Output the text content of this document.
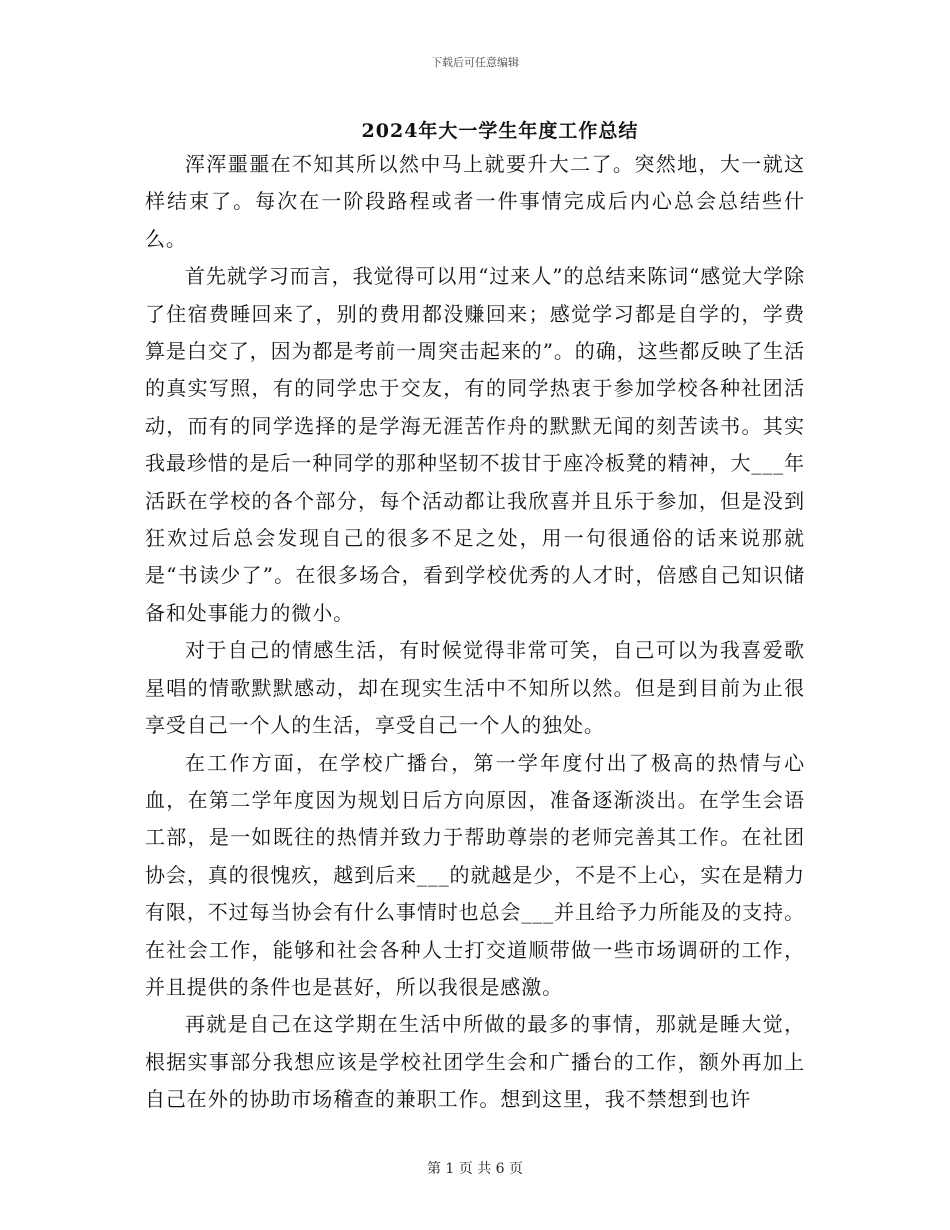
下载后可任意编辑
2024年大一学生年度工作总结

浑浑噩噩在不知其所以然中马上就要升大二了。突然地，大一就这样结束了。每次在一阶段路程或者一件事情完成后内心总会总结些什么。

首先就学习而言，我觉得可以用“过来人”的总结来陈词“感觉大学除了住宿费睡回来了，别的费用都没赚回来；感觉学习都是自学的，学费算是白交了，因为都是考前一周突击起来的”。的确，这些都反映了生活的真实写照，有的同学忠于交友，有的同学热衷于参加学校各种社团活动，而有的同学选择的是学海无涯苦作舟的默默无闻的刻苦读书。其实我最珍惜的是后一种同学的那种坚韧不拔甘于座冷板凳的精神，大___年活跃在学校的各个部分，每个活动都让我欣喜并且乐于参加，但是没到狂欢过后总会发现自己的很多不足之处，用一句很通俗的话来说那就是“书读少了”。在很多场合，看到学校优秀的人才时，倍感自己知识储备和处事能力的微小。

对于自己的情感生活，有时候觉得非常可笑，自己可以为我喜爱歌星唱的情歌默默感动，却在现实生活中不知所以然。但是到目前为止很享受自己一个人的生活，享受自己一个人的独处。

在工作方面，在学校广播台，第一学年度付出了极高的热情与心血，在第二学年度因为规划日后方向原因，准备逐渐淡出。在学生会语工部，是一如既往的热情并致力于帮助尊崇的老师完善其工作。在社团协会，真的很愧疚，越到后来___的就越是少，不是不上心，实在是精力有限，不过每当协会有什么事情时也总会___并且给予力所能及的支持。在社会工作，能够和社会各种人士打交道顺带做一些市场调研的工作，并且提供的条件也是甚好，所以我很是感激。

再就是自己在这学期在生活中所做的最多的事情，那就是睡大觉，根据实事部分我想应该是学校社团学生会和广播台的工作，额外再加上自己在外的协助市场稽查的兼职工作。想到这里，我不禁想到也许

第 1 页 共 6 页
